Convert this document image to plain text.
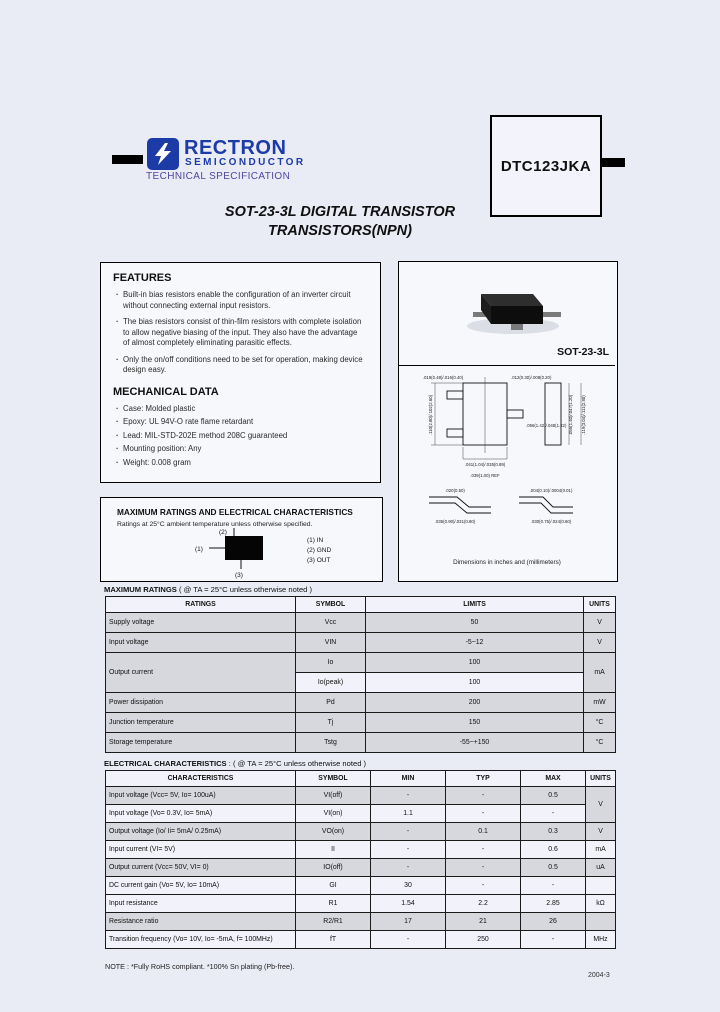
RECTRON
SEMICONDUCTOR
TECHNICAL SPECIFICATION
DTC123JKA
SOT-23-3L DIGITAL TRANSISTOR
TRANSISTORS(NPN)
FEATURES
· Built-in bias resistors enable the configuration of an inverter circuit without connecting external input resistors.
· The bias resistors consist of thin-film resistors with complete isolation to allow negative biasing of the input. They also have the advantage of almost completely eliminating parasitic effects.
· Only the on/off conditions need to be set for operation, making device design easy.
MECHANICAL DATA
· Case: Molded plastic
· Epoxy: UL 94V-O rate flame retardant
· Lead: MIL-STD-202E method 208C guaranteed
· Mounting position: Any
· Weight: 0.008 gram
SOT-23-3L
.110(2.80)/.102(2.60)
.041(1.04)/.035(0.89)
.056(1.42)/.048(1.22)
.012(0.30)/.008(0.20)
.119(3.04)/.111(2.80)
.055(1.40)/.047(1.20)
.039(1.00) REF
.020(0.50)	.004(0.10)/.0004(0.01)
.035(0.90)/.031(0.80)
.019(0.48)/.016(0.40)
.030(0.75)/.024(0.60)
Dimensions in inches and (millimeters)
MAXIMUM RATINGS AND ELECTRICAL CHARACTERISTICS
Ratings at 25°C ambient temperature unless otherwise specified.
(1)
(2)
(3)
(1) IN
(2) GND
(3) OUT
MAXIMUM RATINGS ( @ TA = 25°C unless otherwise noted )
RATINGS	SYMBOL	LIMITS	UNITS
Supply voltage	Vcc	50	V
Input voltage	VIN	-5~12	V
Output current	Io	100	mA
	Io(peak)	100	
Power dissipation	Pd	200	mW
Junction temperature	Tj	150	°C
Storage temperature	Tstg	-55~+150	°C
ELECTRICAL CHARACTERISTICS : ( @ TA = 25°C unless otherwise noted )
CHARACTERISTICS	SYMBOL	MIN	TYP	MAX	UNITS
Input voltage (Vcc= 5V, Io= 100uA)	VI(off)	-	-	0.5	V
Input voltage (Vo= 0.3V, Io= 5mA)	VI(on)	1.1	-	-	
Output voltage (Io/ Ii= 5mA/ 0.25mA)	VO(on)	-	0.1	0.3	V
Input current (VI= 5V)	II	-	-	0.6	mA
Output current (Vcc= 50V, VI= 0)	IO(off)	-	-	0.5	uA
DC current gain (Vo= 5V, Io= 10mA)	GI	30	-	-	
Input resistance	R1	1.54	2.2	2.85	kΩ
Resistance ratio	R2/R1	17	21	26	
Transition frequency (Vo= 10V, Io= -5mA, f= 100MHz)	fT	-	250	-	MHz
NOTE : *Fully RoHS compliant. *100% Sn plating (Pb-free).
2004-3
